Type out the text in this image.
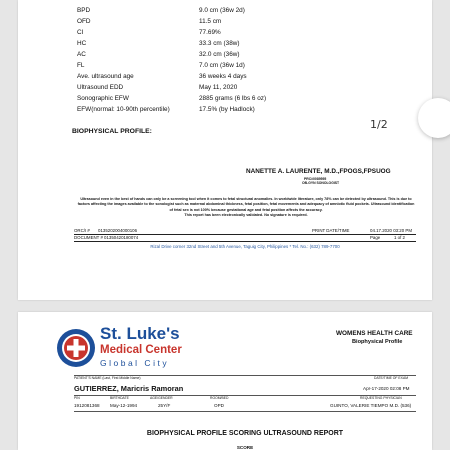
BPD	9.0 cm (36w 2d)
OFD	11.5 cm
CI	77.69%
HC	33.3 cm (38w)
AC	32.0 cm (36w)
FL	7.0 cm (36w 1d)
Ave. ultrasound age	36 weeks 4 days
Ultrasound EDD	May 11, 2020
Sonographic EFW	2885 grams (6 lbs 6 oz)
EFW(normal: 10-90th percentile)	17.5% (by Hadlock)
BIOPHYSICAL PROFILE:
1/2
NANETTE A. LAURENTE, M.D.,FPOGS,FPSUOG
PRC#0089595
OB-GYN SONOLOGIST
Ultrasound even in the best of hands can only be a screening tool when it comes to fetal structural anomalies. In worldwide literature, only 78% can be detected by ultrasound. This is due to factors affecting the images available to the sonologist such as maternal abdominal thickness, fetal position, fetal movements and adequacy of amniotic fluid pockets. Ultrasound identification of fetal sex is not 100% because gestational age and fetal position affects the accuracy.
This report has been electronically validated. No signature is required.
ORC/I # 0135202004000106	PRINT DATE/TIME	04.17.2020 03:20 PM
DOCUMENT # 01350420180074	Page	1 of 2
Rizal Drive corner 32nd Street and 5th Avenue, Taguig City, Philippines * Tel. No.: (632) 789-7700
St. Luke's
Medical Center
Global City
WOMENS HEALTH CARE
Biophysical Profile
PATIENT'S NAME (Last, First Middle Name)	DATE/TIME OF EXAM
GUTIERREZ, Maricris Ramoran	Apr-17-2020 02:08 PM
PIN	BIRTHDATE	AGE/GENDER	ROOM/BED	REQUESTING PHYSICIAN
1912081368 May-12-1994	25Y/F	OPD	GUINTO, VALERIE TIEMPO M.D. (536)
BIOPHYSICAL PROFILE SCORING ULTRASOUND REPORT
SCORE
